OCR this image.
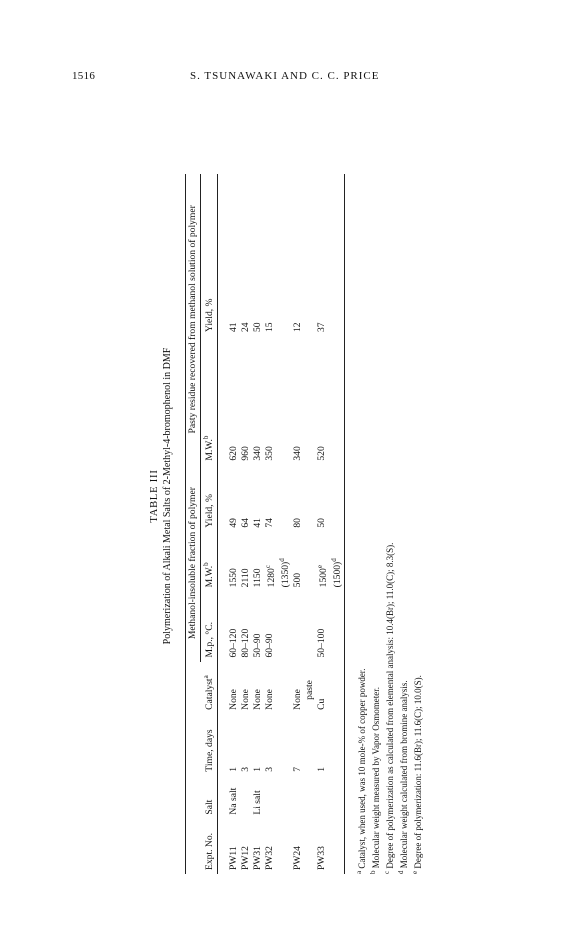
1516	S. TSUNAWAKI AND C. C. PRICE
TABLE III Polymerization of Alkali Metal Salts of 2-Methyl-4-bromophenol in DMF
				Methanol-insoluble fraction of polymer			Pasty residue recovered from methanol solution of polymer	
Expt. No.	Salt	Time, days	Catalyst$^a$	M.p., °C.	M.W.$^b$	Yield, %	M.W.$^b$	Yield, %

PW11	Na salt	1	None	60–120	1550	49	620	41
PW12		3	None	80–120	2110	64	960	24
PW31	Li salt	1	None	50–90	1150	41	340	50
PW32		3	None	60–90	1280$^c$ $(1350)^d$	74	350	15
PW24		7	None		500	80	340	12
			paste					
PW33		1	Cu	50–100	1500e $(1500)^d$	50	520	37
$^a$ Catalyst, when used, was 10 mole-% of copper powder.
$^b$ Molecular weight measured by Vapor Osmometer.
$^c$ Degree of polymerization as calculated from elemental analysis: 10.4(Br); 11.0(C); 8.3(S).
$^d$ Molecular weight calculated from bromine analysis.
$^e$ Degree of polymerization: 11.6(Br); 11.6(C); 10.0(S).
